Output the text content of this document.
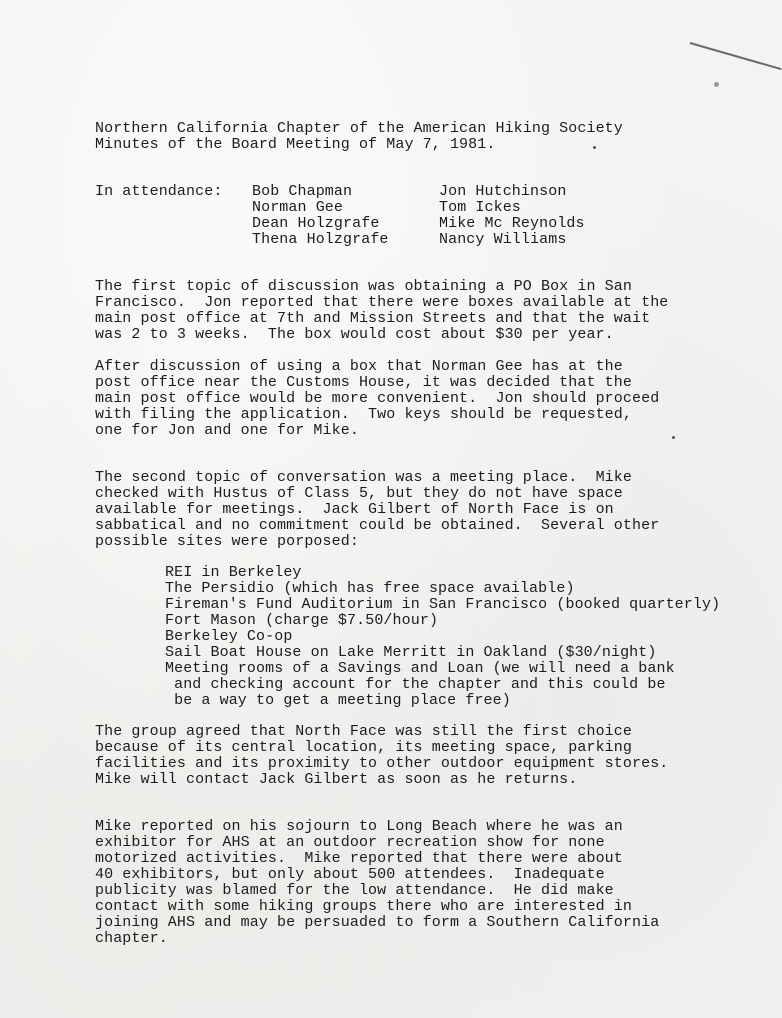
Northern California Chapter of the American Hiking Society
Minutes of the Board Meeting of May 7, 1981.
In attendance: Bob Chapman
Norman Gee
Dean Holzgrafe
Thena Holzgrafe
Jon Hutchinson
Tom Ickes
Mike Mc Reynolds
Nancy Williams
The first topic of discussion was obtaining a PO Box in San
Francisco.  Jon reported that there were boxes available at the
main post office at 7th and Mission Streets and that the wait
was 2 to 3 weeks.  The box would cost about $30 per year.
After discussion of using a box that Norman Gee has at the
post office near the Customs House, it was decided that the
main post office would be more convenient.  Jon should proceed
with filing the application.  Two keys should be requested,
one for Jon and one for Mike.
The second topic of conversation was a meeting place.  Mike
checked with Hustus of Class 5, but they do not have space
available for meetings.  Jack Gilbert of North Face is on
sabbatical and no commitment could be obtained.  Several other
possible sites were porposed:
REI in Berkeley
The Persidio (which has free space available)
Fireman's Fund Auditorium in San Francisco (booked quarterly)
Fort Mason (charge $7.50/hour)
Berkeley Co-op
Sail Boat House on Lake Merritt in Oakland ($30/night)
Meeting rooms of a Savings and Loan (we will need a bank
and checking account for the chapter and this could be
be a way to get a meeting place free)
The group agreed that North Face was still the first choice
because of its central location, its meeting space, parking
facilities and its proximity to other outdoor equipment stores.
Mike will contact Jack Gilbert as soon as he returns.
Mike reported on his sojourn to Long Beach where he was an
exhibitor for AHS at an outdoor recreation show for none
motorized activities.  Mike reported that there were about
40 exhibitors, but only about 500 attendees.  Inadequate
publicity was blamed for the low attendance.  He did make
contact with some hiking groups there who are interested in
joining AHS and may be persuaded to form a Southern California
chapter.
